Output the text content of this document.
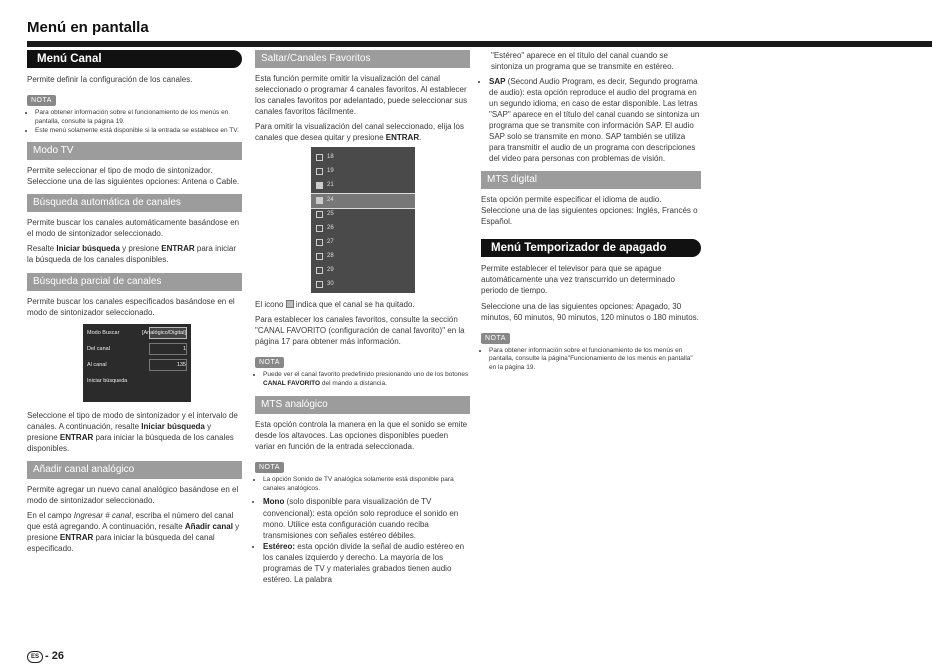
Menú en pantalla
Menú Canal

Permite definir la configuración de los canales.

NOTA
• Para obtener información sobre el funcionamiento de los menús en pantalla, consulte la página 19.
• Este menú solamente está disponible si la entrada se establece en TV.
Modo TV

Permite seleccionar el tipo de modo de sintonizador. Seleccione una de las siguientes opciones: Antena o Cable.

Búsqueda automática de canales

Permite buscar los canales automáticamente basándose en el modo de sintonizador seleccionado.

Resalte Iniciar búsqueda y presione ENTRAR para iniciar la búsqueda de los canales disponibles.

Búsqueda parcial de canales

Permite buscar los canales especificados basándose en el modo de sintonizador seleccionado.

Modo Buscar	[Analógico/Digital]
Del canal	1
Al canal	135
Iniciar búsqueda

Seleccione el tipo de modo de sintonizador y el intervalo de canales. A continuación, resalte Iniciar búsqueda y presione ENTRAR para iniciar la búsqueda de los canales disponibles.

Añadir canal analógico

Permite agregar un nuevo canal analógico basándose en el modo de sintonizador seleccionado.

En el campo Ingresar # canal, escriba el número del canal que está agregando. A continuación, resalte Añadir canal y presione ENTRAR para iniciar la búsqueda del canal especificado.

Saltar/Canales Favoritos

Esta función permite omitir la visualización del canal seleccionado o programar 4 canales favoritos. Al establecer los canales favoritos por adelantado, puede seleccionar sus canales favoritos fácilmente.

Para omitir la visualización del canal seleccionado, elija los canales que desea quitar y presione ENTRAR.

18
19
21
24
25
26
27
28
29
30

El icono  indica que el canal se ha quitado.

Para establecer los canales favoritos, consulte la sección "CANAL FAVORITO (configuración de canal favorito)" en la página 17 para obtener más información.

NOTA
• Puede ver el canal favorito predefinido presionando uno de los botones CANAL FAVORITO del mando a distancia.
MTS analógico

Esta opción controla la manera en la que el sonido se emite desde los altavoces. Las opciones disponibles pueden variar en función de la entrada seleccionada.

NOTA
• La opción Sonido de TV analógica solamente está disponible para canales analógicos.
• Mono (solo disponible para visualización de TV convencional): esta opción solo reproduce el sonido en mono. Utilice esta configuración cuando reciba transmisiones con señales estéreo débiles.
• Estéreo: esta opción divide la señal de audio estéreo en los canales izquierdo y derecho. La mayoría de los programas de TV y materiales grabados tienen audio estéreo. La palabra

"Estéreo" aparece en el título del canal cuando se sintoniza un programa que se transmite en estéreo.

• SAP (Second Audio Program, es decir, Segundo programa de audio): esta opción reproduce el audio del programa en un segundo idioma, en caso de estar disponible. Las letras "SAP" aparece en el título del canal cuando se sintoniza un programa que se transmite con información SAP. El audio SAP solo se transmite en mono. SAP también se utiliza para transmitir el audio de un programa con descripciones del video para personas con problemas de visión.
MTS digital

Esta opción permite especificar el idioma de audio. Seleccione una de las siguientes opciones: Inglés, Francés o Español.

Menú Temporizador de apagado

Permite establecer el televisor para que se apague automáticamente una vez transcurrido un determinado periodo de tiempo.

Seleccione una de las siguientes opciones: Apagado, 30 minutos, 60 minutos, 90 minutos, 120 minutos o 180 minutos.

NOTA
• Para obtener información sobre el funcionamiento de los menús en pantalla, consulte la página"Funcionamiento de los menús en pantalla" en la página 19.
ES - 26
